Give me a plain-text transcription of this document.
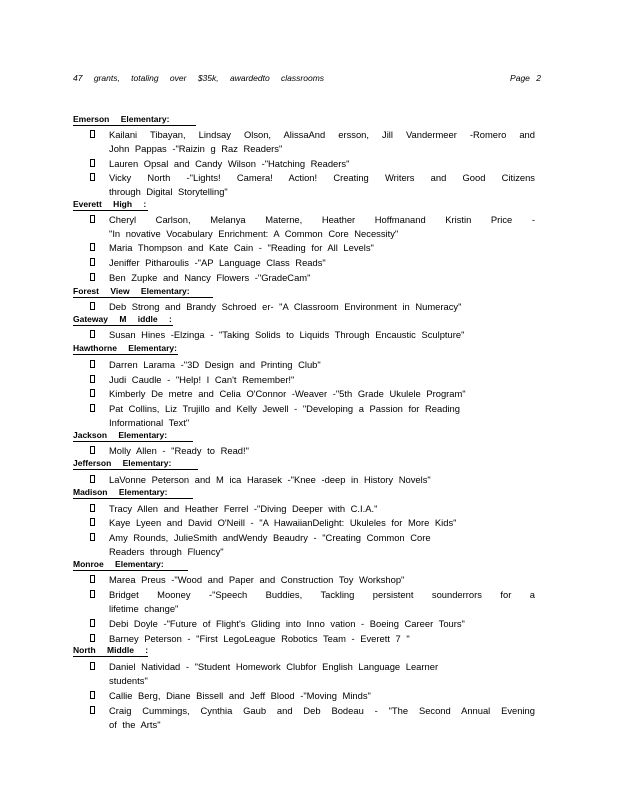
47 grants, totaling over $35k, awardedto classrooms	Page 2
Emerson Elementary:
Kailani Tibayan, Lindsay Olson, AlissaAnd ersson, Jill Vandermeer -Romero and
John Pappas -"Raizin g Raz Readers"
Lauren Opsal and Candy Wilson -"Hatching Readers"
Vicky North -"Lights! Camera! Action! Creating Writers and Good Citizens
through Digital Storytelling"
Everett High :
Cheryl Carlson, Melanya Materne, Heather Hoffmanand Kristin Price -
"In novative Vocabulary Enrichment: A Common Core Necessity"
Maria Thompson and Kate Cain - "Reading for All Levels"
Jeniffer Pitharoulis -"AP Language Class Reads"
Ben Zupke and Nancy Flowers -"GradeCam"
Forest View Elementary:
Deb Strong and Brandy Schroed er- "A Classroom Environment in Numeracy"
Gateway M iddle :
Susan Hines -Elzinga - "Taking Solids to Liquids Through Encaustic Sculpture"
Hawthorne Elementary:
Darren Larama -"3D Design and Printing Club"
Judi Caudle - "Help! I Can't Remember!"
Kimberly De metre and Celia O'Connor -Weaver -"5th Grade Ukulele Program"
Pat Collins, Liz Trujillo and Kelly Jewell - "Developing a Passion for Reading
Informational Text"
Jackson Elementary:
Molly Allen - "Ready to Read!"
Jefferson Elementary:
LaVonne Peterson and M ica Harasek -"Knee -deep in History Novels"
Madison Elementary:
Tracy Allen and Heather Ferrel -"Diving Deeper with C.I.A."
Kaye Lyeen and David O'Neill - "A HawaiianDelight: Ukuleles for More Kids"
Amy Rounds, JulieSmith andWendy Beaudry - "Creating Common Core
Readers through Fluency"
Monroe Elementary:
Marea Preus -"Wood and Paper and Construction Toy Workshop"
Bridget Mooney -"Speech Buddies, Tackling persistent sounderrors for a
lifetime change"
Debi Doyle -"Future of Flight's Gliding into Inno vation - Boeing Career Tours"
Barney Peterson - "First LegoLeague Robotics Team - Everett 7 "
North Middle :
Daniel Natividad - "Student Homework Clubfor English Language Learner
students"
Callie Berg, Diane Bissell and Jeff Blood -"Moving Minds"
Craig Cummings, Cynthia Gaub and Deb Bodeau - "The Second Annual Evening
of the Arts"
